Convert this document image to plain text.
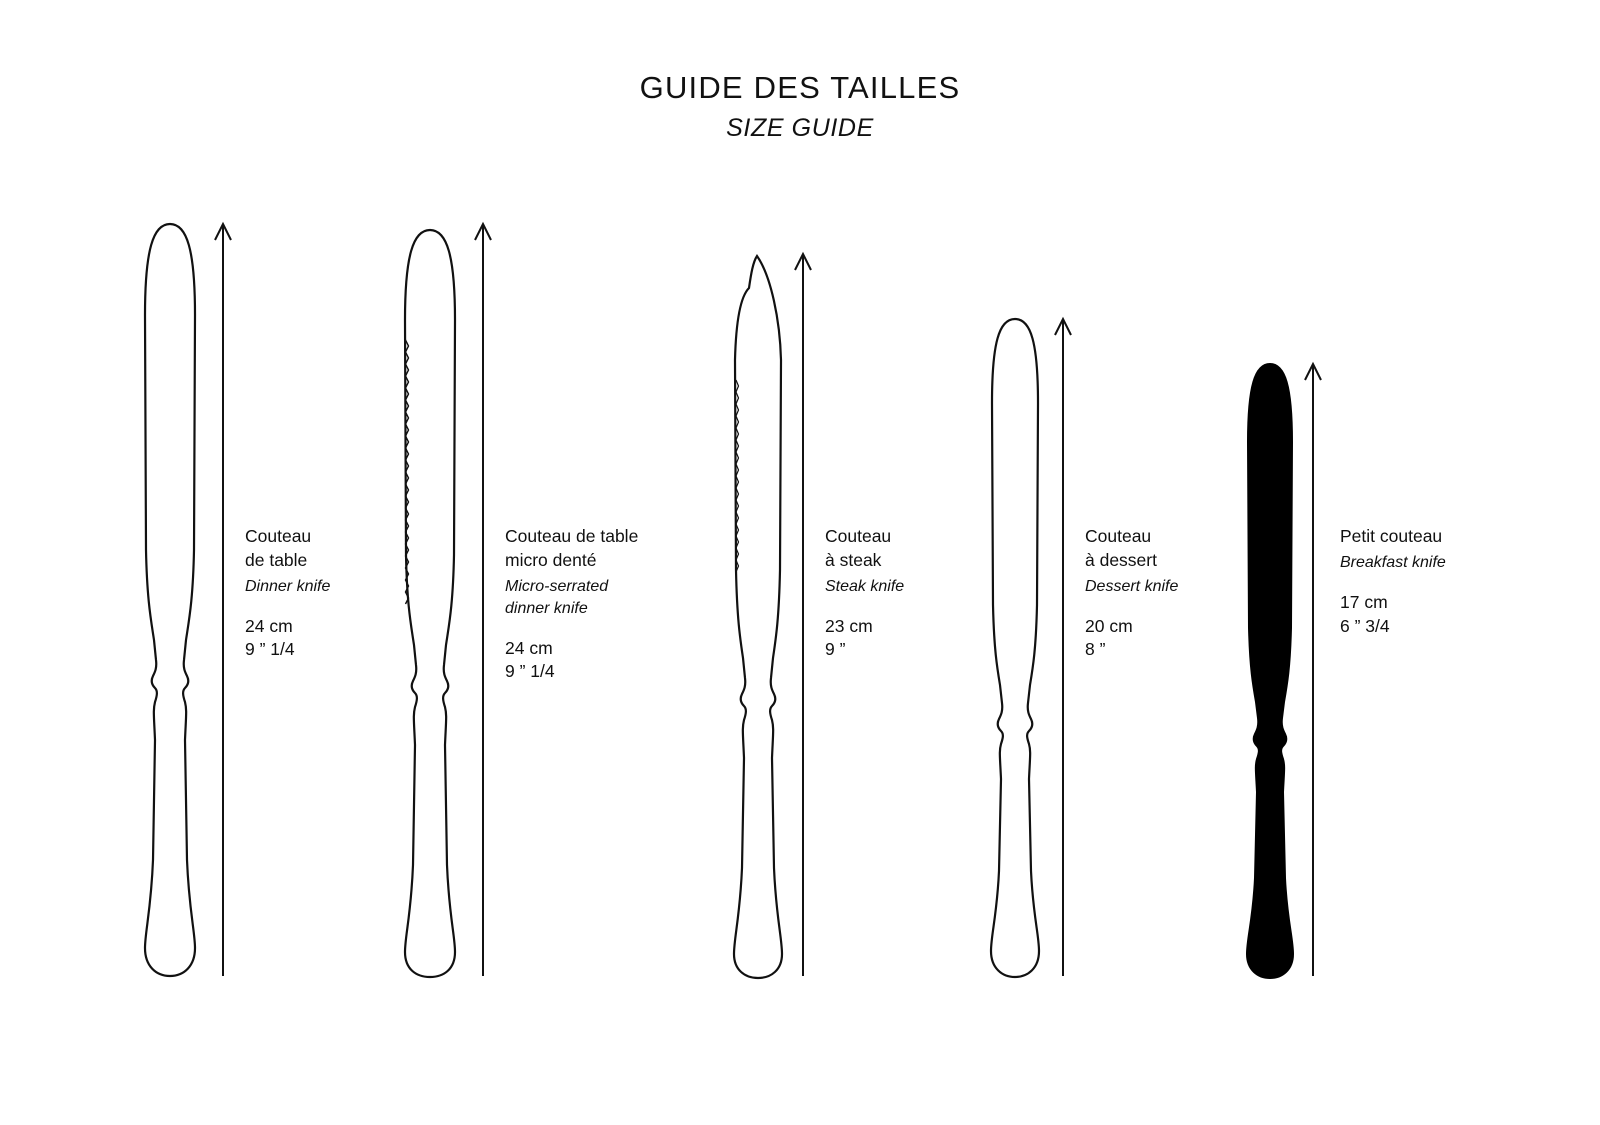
GUIDE DES TAILLES

SIZE GUIDE

Couteau
de table
Dinner knife
24 cm
9 ” 1/4
Couteau de table
micro denté
Micro-serrated
dinner knife
24 cm
9 ” 1/4
Couteau
à steak
Steak knife
23 cm
9 ”
Couteau
à dessert
Dessert knife
20 cm
8 ”
Petit couteau
Breakfast knife
17 cm
6 ” 3/4
